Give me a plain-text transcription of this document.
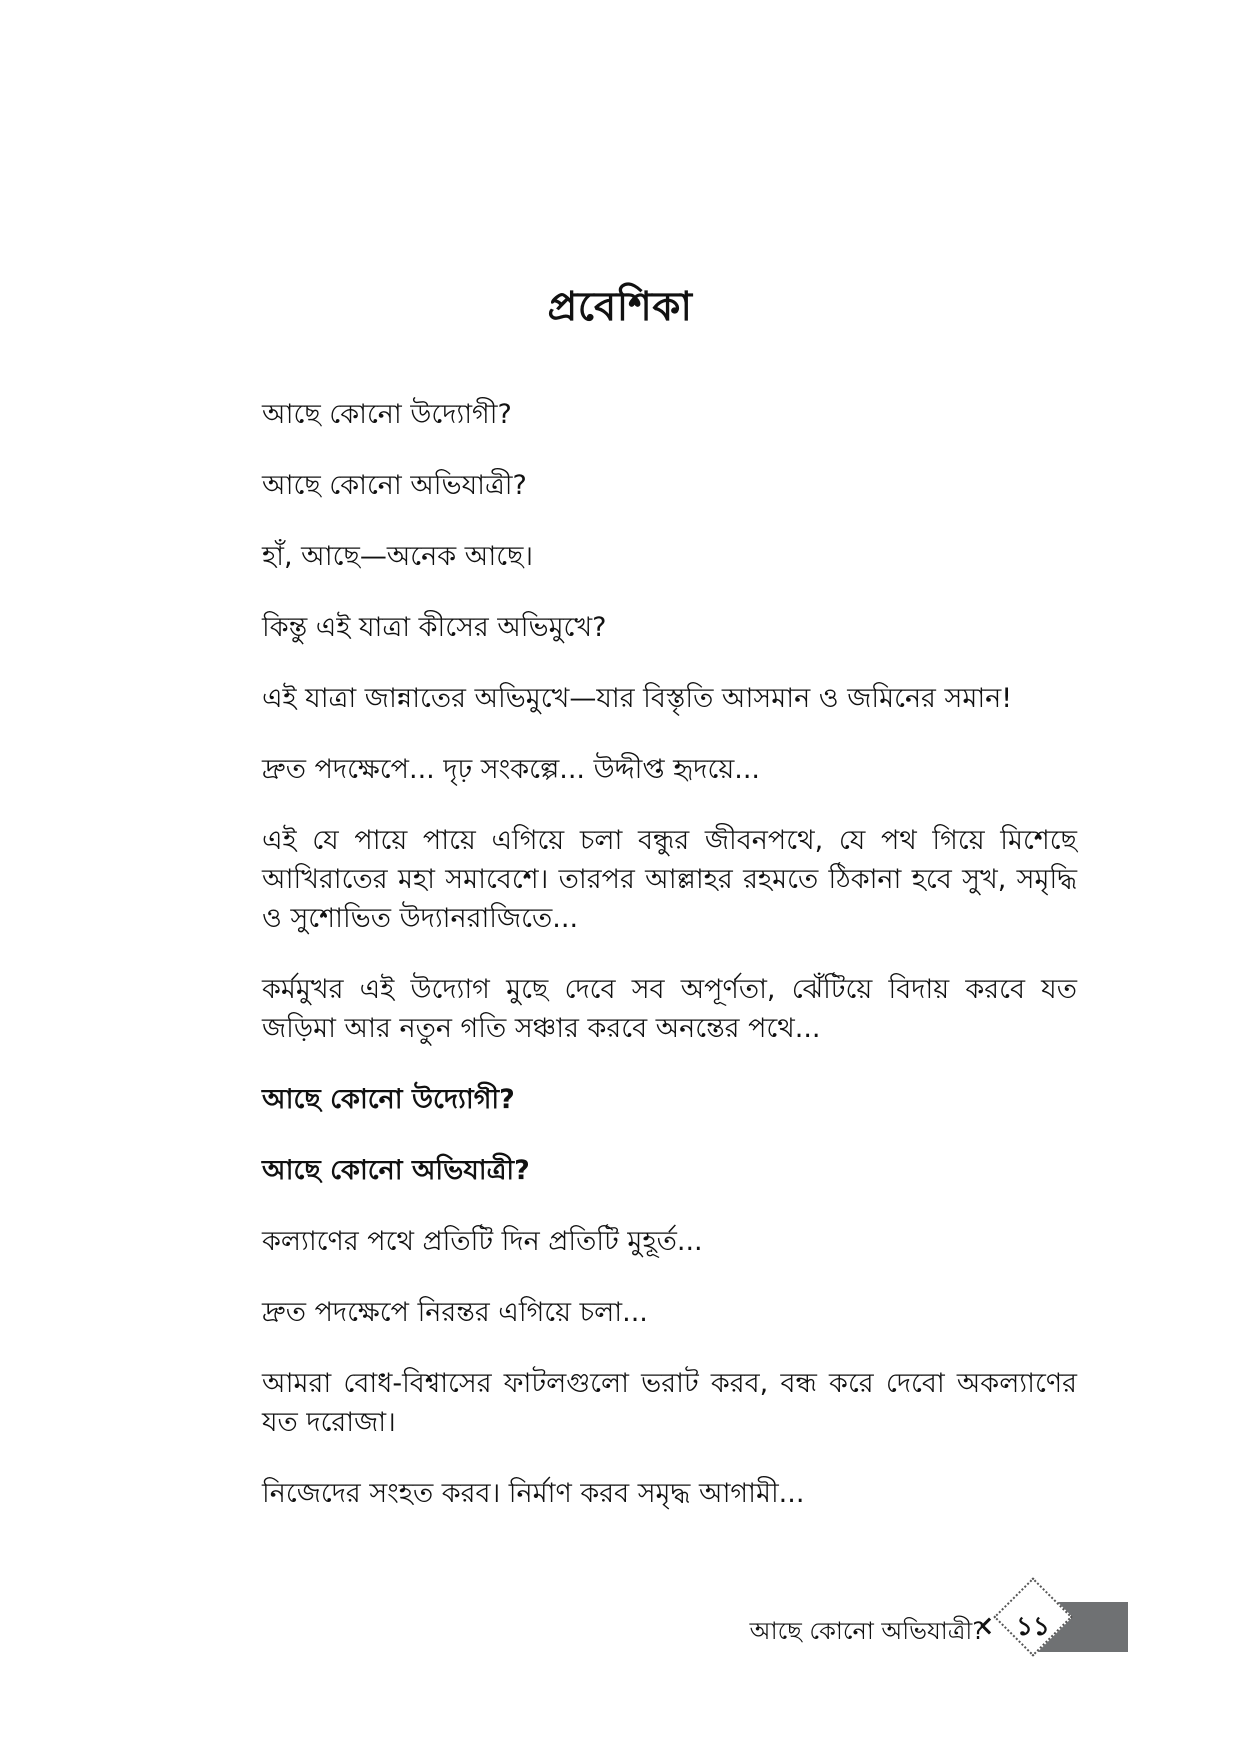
প্রবেশিকা

আছে কোনো উদ্যোগী?

আছে কোনো অভিযাত্রী?

হাঁ, আছে—অনেক আছে।

কিন্তু এই যাত্রা কীসের অভিমুখে?

এই যাত্রা জান্নাতের অভিমুখে—যার বিস্তৃতি আসমান ও জমিনের সমান!

দ্রুত পদক্ষেপে... দৃঢ় সংকল্পে... উদ্দীপ্ত হৃদয়ে...

এই যে পায়ে পায়ে এগিয়ে চলা বন্ধুর জীবনপথে, যে পথ গিয়ে মিশেছে আখিরাতের মহা সমাবেশে। তারপর আল্লাহর রহমতে ঠিকানা হবে সুখ, সমৃদ্ধি ও সুশোভিত উদ্যানরাজিতে...

কর্মমুখর এই উদ্যোগ মুছে দেবে সব অপূর্ণতা, ঝেঁটিয়ে বিদায় করবে যত জড়িমা আর নতুন গতি সঞ্চার করবে অনন্তের পথে...

আছে কোনো উদ্যোগী?

আছে কোনো অভিযাত্রী?

কল্যাণের পথে প্রতিটি দিন প্রতিটি মুহূর্ত...

দ্রুত পদক্ষেপে নিরন্তর এগিয়ে চলা...

আমরা বোধ-বিশ্বাসের ফাটলগুলো ভরাট করব, বন্ধ করে দেবো অকল্যাণের যত দরোজা।

নিজেদের সংহত করব। নির্মাণ করব সমৃদ্ধ আগামী...

আছে কোনো অভিযাত্রী?	১১
